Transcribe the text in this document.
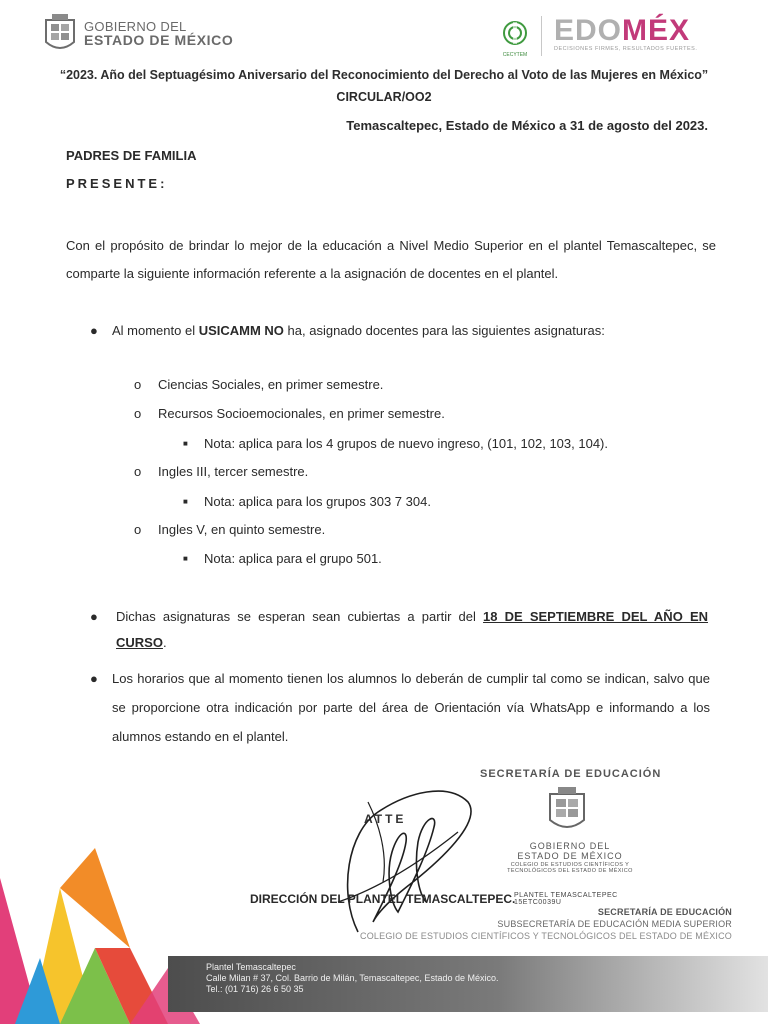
GOBIERNO DEL
ESTADO DE MÉXICO
CECYTEM
EDOMÉX
DECISIONES FIRMES, RESULTADOS FUERTES.
“2023. Año del Septuagésimo Aniversario del Reconocimiento del Derecho al Voto de las Mujeres en México”
CIRCULAR/OO2
Temascaltepec, Estado de México a 31 de agosto del 2023.
PADRES DE FAMILIA
PRESENTE:
Con el propósito de brindar lo mejor de la educación a Nivel Medio Superior en el plantel Temascaltepec, se comparte la siguiente información referente a la asignación de docentes en el plantel.
● Al momento el USICAMM NO ha, asignado docentes para las siguientes asignaturas:
o Ciencias Sociales, en primer semestre.
o Recursos Socioemocionales, en primer semestre.
■ Nota: aplica para los 4 grupos de nuevo ingreso, (101, 102, 103, 104).
o Ingles III, tercer semestre.
■ Nota: aplica para los grupos 303 7 304.
o Ingles V, en quinto semestre.
■ Nota: aplica para el grupo 501.
● Dichas asignaturas se esperan sean cubiertas a partir del 18 DE SEPTIEMBRE DEL AÑO EN CURSO.
● Los horarios que al momento tienen los alumnos lo deberán de cumplir tal como se indican, salvo que se proporcione otra indicación por parte del área de Orientación vía WhatsApp e informando a los alumnos estando en el plantel.
SECRETARÍA DE EDUCACIÓN
GOBIERNO DEL
ESTADO DE MÉXICO
COLEGIO DE ESTUDIOS CIENTÍFICOS Y
TECNOLÓGICOS DEL ESTADO DE MÉXICO
PLANTEL TEMASCALTEPEC
15ETC0039U
ATTE
DIRECCIÓN DEL PLANTEL TEMASCALTEPEC.
SECRETARÍA DE EDUCACIÓN
SUBSECRETARÍA DE EDUCACIÓN MEDIA SUPERIOR
COLEGIO DE ESTUDIOS CIENTÍFICOS Y TECNOLÓGICOS DEL ESTADO DE MÉXICO
Plantel Temascaltepec
Calle Milan # 37, Col. Barrio de Milán, Temascaltepec, Estado de México.
Tel.: (01 716) 26 6 50 35
